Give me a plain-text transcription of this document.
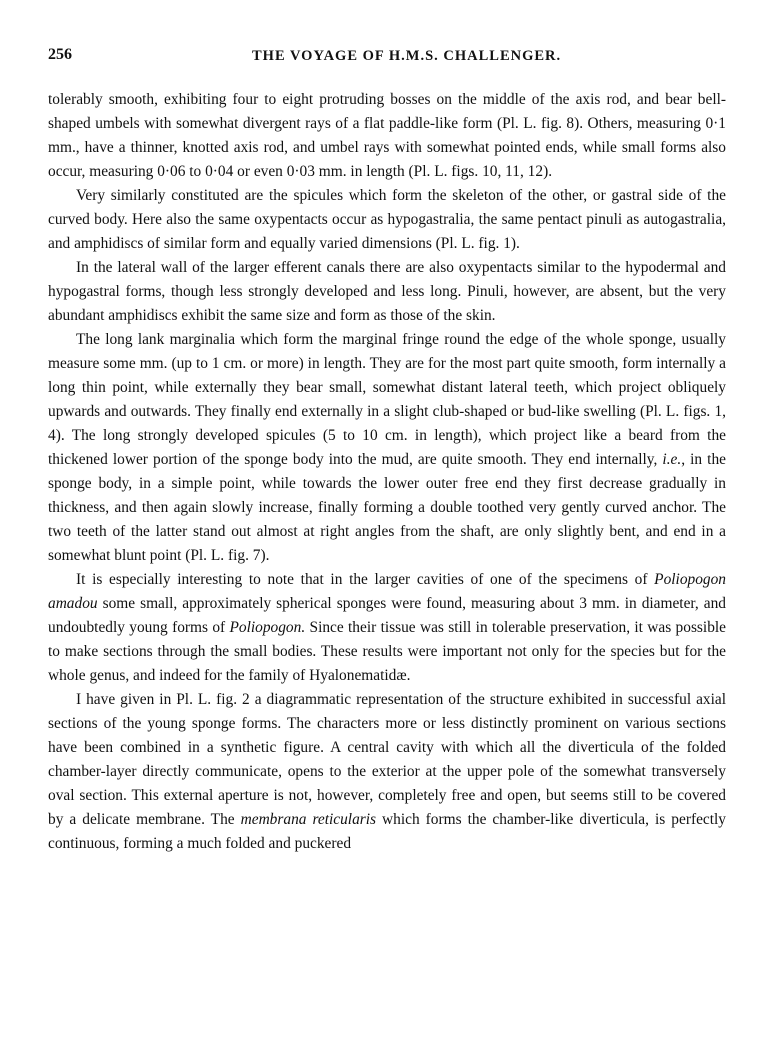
256	THE VOYAGE OF H.M.S. CHALLENGER.

tolerably smooth, exhibiting four to eight protruding bosses on the middle of the axis rod, and bear bell-shaped umbels with somewhat divergent rays of a flat paddle-like form (Pl. L. fig. 8). Others, measuring 0·1 mm., have a thinner, knotted axis rod, and umbel rays with somewhat pointed ends, while small forms also occur, measuring 0·06 to 0·04 or even 0·03 mm. in length (Pl. L. figs. 10, 11, 12).

Very similarly constituted are the spicules which form the skeleton of the other, or gastral side of the curved body. Here also the same oxypentacts occur as hypogastralia, the same pentact pinuli as autogastralia, and amphidiscs of similar form and equally varied dimensions (Pl. L. fig. 1).

In the lateral wall of the larger efferent canals there are also oxypentacts similar to the hypodermal and hypogastral forms, though less strongly developed and less long. Pinuli, however, are absent, but the very abundant amphidiscs exhibit the same size and form as those of the skin.

The long lank marginalia which form the marginal fringe round the edge of the whole sponge, usually measure some mm. (up to 1 cm. or more) in length. They are for the most part quite smooth, form internally a long thin point, while externally they bear small, somewhat distant lateral teeth, which project obliquely upwards and outwards. They finally end externally in a slight club-shaped or bud-like swelling (Pl. L. figs. 1, 4). The long strongly developed spicules (5 to 10 cm. in length), which project like a beard from the thickened lower portion of the sponge body into the mud, are quite smooth. They end internally, i.e., in the sponge body, in a simple point, while towards the lower outer free end they first decrease gradually in thickness, and then again slowly increase, finally forming a double toothed very gently curved anchor. The two teeth of the latter stand out almost at right angles from the shaft, are only slightly bent, and end in a somewhat blunt point (Pl. L. fig. 7).

It is especially interesting to note that in the larger cavities of one of the specimens of Poliopogon amadou some small, approximately spherical sponges were found, measuring about 3 mm. in diameter, and undoubtedly young forms of Poliopogon. Since their tissue was still in tolerable preservation, it was possible to make sections through the small bodies. These results were important not only for the species but for the whole genus, and indeed for the family of Hyalonematidæ.

I have given in Pl. L. fig. 2 a diagrammatic representation of the structure exhibited in successful axial sections of the young sponge forms. The characters more or less distinctly prominent on various sections have been combined in a synthetic figure. A central cavity with which all the diverticula of the folded chamber-layer directly communicate, opens to the exterior at the upper pole of the somewhat transversely oval section. This external aperture is not, however, completely free and open, but seems still to be covered by a delicate membrane. The membrana reticularis which forms the chamber-like diverticula, is perfectly continuous, forming a much folded and puckered
